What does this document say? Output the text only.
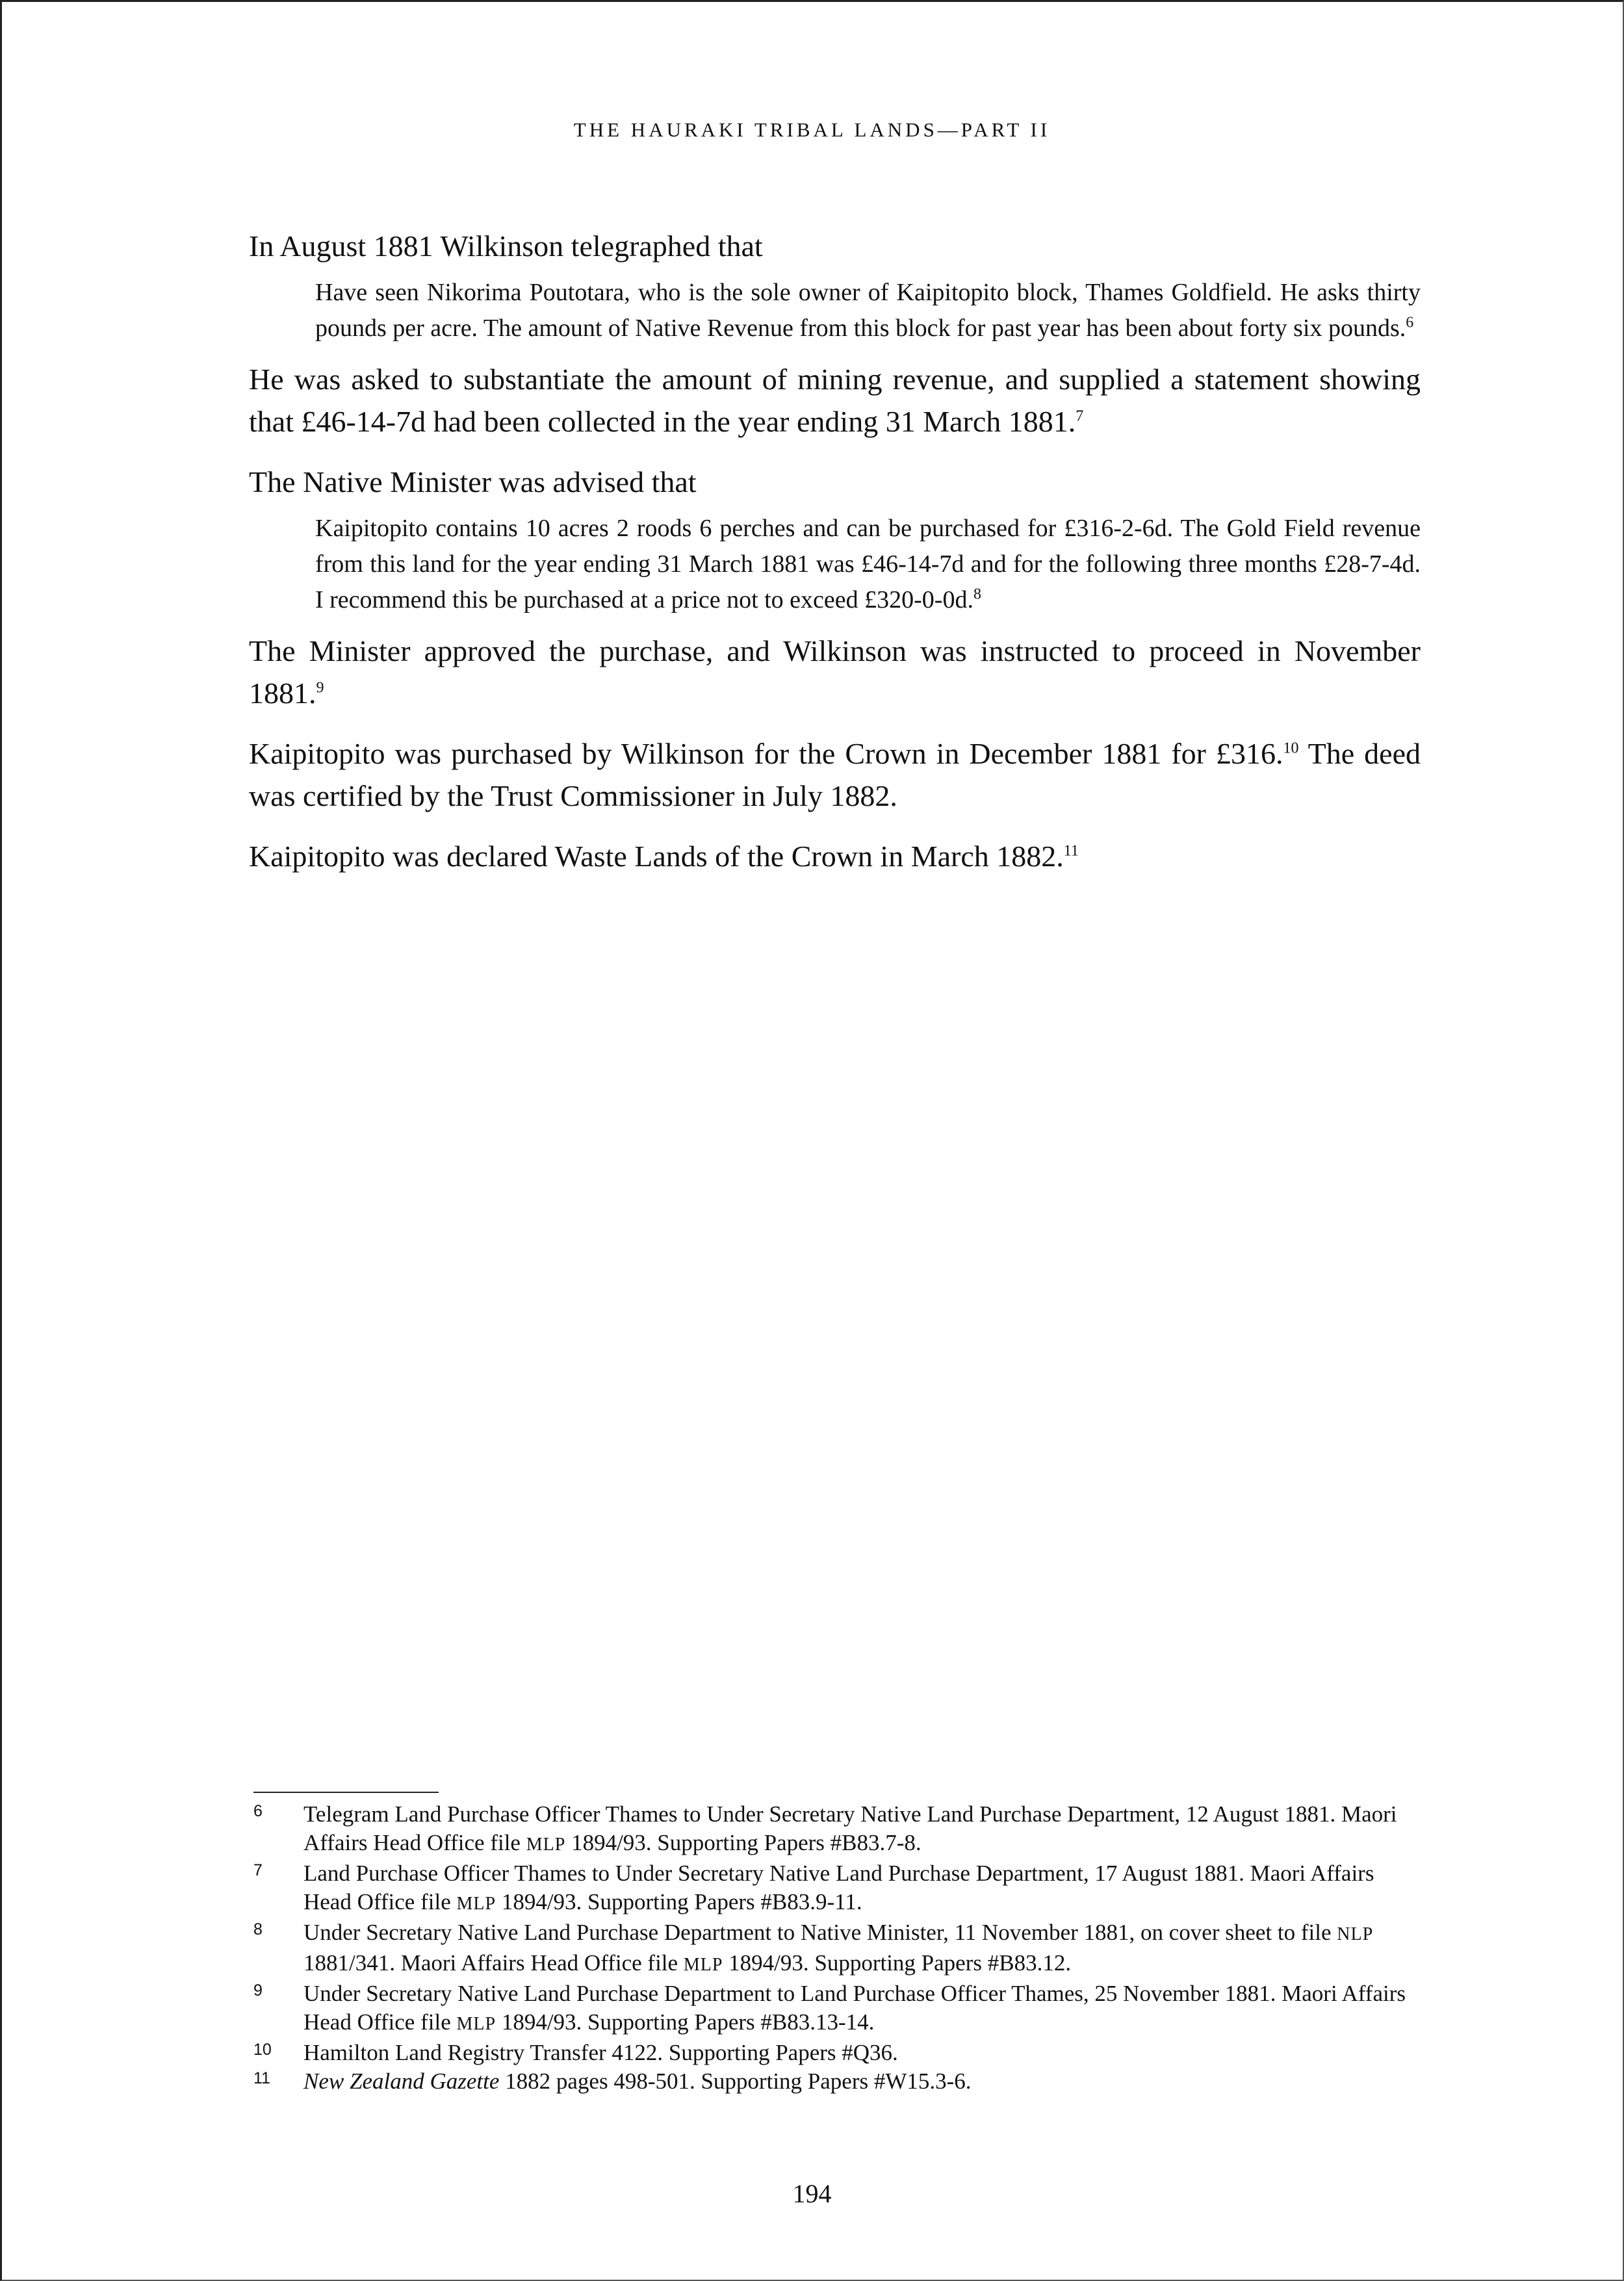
THE HAURAKI TRIBAL LANDS—PART II

In August 1881 Wilkinson telegraphed that

Have seen Nikorima Poutotara, who is the sole owner of Kaipitopito block, Thames Goldfield. He asks thirty pounds per acre. The amount of Native Revenue from this block for past year has been about forty six pounds.$^6$

He was asked to substantiate the amount of mining revenue, and supplied a statement showing that £46-14-7d had been collected in the year ending 31 March 1881.$^7$

The Native Minister was advised that

Kaipitopito contains 10 acres 2 roods 6 perches and can be purchased for £316-2-6d. The Gold Field revenue from this land for the year ending 31 March 1881 was £46-14-7d and for the following three months £28-7-4d. I recommend this be purchased at a price not to exceed £320-0-0d.$^8$

The Minister approved the purchase, and Wilkinson was instructed to proceed in November 1881.$^9$

Kaipitopito was purchased by Wilkinson for the Crown in December 1881 for £316.10 The deed was certified by the Trust Commissioner in July 1882.

Kaipitopito was declared Waste Lands of the Crown in March 1882.11

6	Telegram Land Purchase Officer Thames to Under Secretary Native Land Purchase Department, 12 August 1881. Maori Affairs Head Office file MLP 1894/93. Supporting Papers #B83.7-8.
7	Land Purchase Officer Thames to Under Secretary Native Land Purchase Department, 17 August 1881. Maori Affairs Head Office file MLP 1894/93. Supporting Papers #B83.9-11.
8	Under Secretary Native Land Purchase Department to Native Minister, 11 November 1881, on cover sheet to file NLP 1881/341. Maori Affairs Head Office file MLP 1894/93. Supporting Papers #B83.12.
9	Under Secretary Native Land Purchase Department to Land Purchase Officer Thames, 25 November 1881. Maori Affairs Head Office file MLP 1894/93. Supporting Papers #B83.13-14.
10	Hamilton Land Registry Transfer 4122. Supporting Papers #Q36.
11	New Zealand Gazette 1882 pages 498-501. Supporting Papers #W15.3-6.
194
